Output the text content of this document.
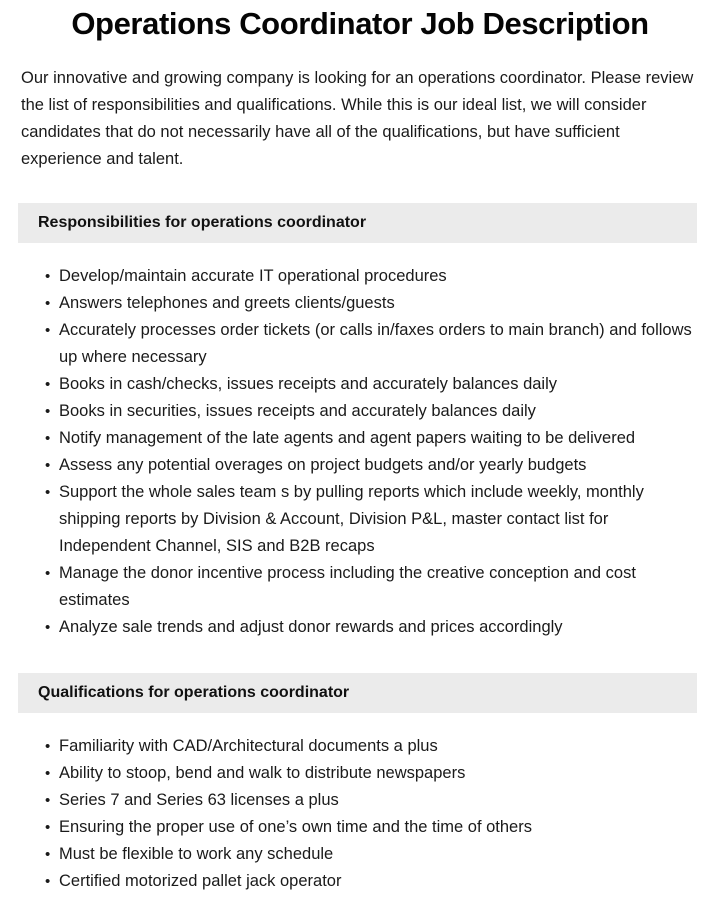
Operations Coordinator Job Description

Our innovative and growing company is looking for an operations coordinator. Please review the list of responsibilities and qualifications. While this is our ideal list, we will consider candidates that do not necessarily have all of the qualifications, but have sufficient experience and talent.

Responsibilities for operations coordinator
• Develop/maintain accurate IT operational procedures
• Answers telephones and greets clients/guests
• Accurately processes order tickets (or calls in/faxes orders to main branch) and follows up where necessary
• Books in cash/checks, issues receipts and accurately balances daily
• Books in securities, issues receipts and accurately balances daily
• Notify management of the late agents and agent papers waiting to be delivered
• Assess any potential overages on project budgets and/or yearly budgets
• Support the whole sales team s by pulling reports which include weekly, monthly shipping reports by Division & Account, Division P&L, master contact list for Independent Channel, SIS and B2B recaps
• Manage the donor incentive process including the creative conception and cost estimates
• Analyze sale trends and adjust donor rewards and prices accordingly
Qualifications for operations coordinator
• Familiarity with CAD/Architectural documents a plus
• Ability to stoop, bend and walk to distribute newspapers
• Series 7 and Series 63 licenses a plus
• Ensuring the proper use of one’s own time and the time of others
• Must be flexible to work any schedule
• Certified motorized pallet jack operator
